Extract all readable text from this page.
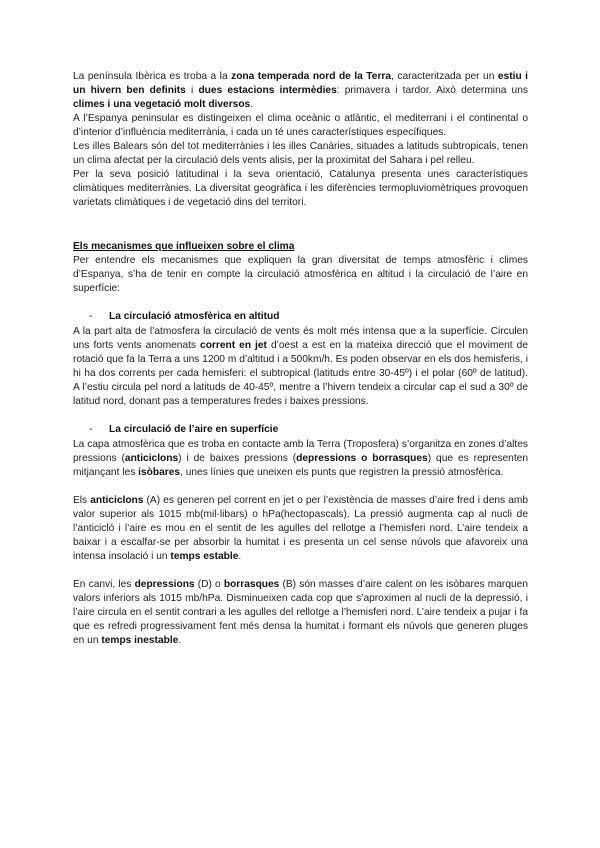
La península Ibèrica es troba a la zona temperada nord de la Terra, caracteritzada per un estiu i un hivern ben definits i dues estacions intermèdies: primavera i tardor. Això determina uns climes i una vegetació molt diversos.

A l’Espanya peninsular es distingeixen el clima oceànic o atlàntic, el mediterrani i el continental o d’interior d’influència mediterrània, i cada un té unes característiques específiques.

Les illes Balears són del tot mediterrànies i les illes Canàries, situades a latituds subtropicals, tenen un clima afectat per la circulació dels vents alisis, per la proximitat del Sahara i pel relleu.

Per la seva posició latitudinal i la seva orientació, Catalunya presenta unes característiques climàtiques mediterrànies. La diversitat geogràfica i les diferències termopluviomètriques provoquen varietats climàtiques i de vegetació dins del territori.

Els mecanismes que influeixen sobre el clima

Per entendre els mecanismes que expliquen la gran diversitat de temps atmosfèric i climes d’Espanya, s’ha de tenir en compte la circulació atmosfèrica en altitud i la circulació de l’aire en superfície:

-	La circulació atmosfèrica en altitud

A la part alta de l’atmosfera la circulació de vents és molt més intensa que a la superfície. Circulen uns forts vents anomenats corrent en jet d’oest a est en la mateixa direcció que el moviment de rotació que fa la Terra a uns 1200 m d’altitud i a 500km/h. Es poden observar en els dos hemisferis, i hi ha dos corrents per cada hemisferi: el subtropical (latituds entre 30-45º) i el polar (60º de latitud). A l’estiu circula pel nord a latituds de 40-45º, mentre a l’hivern tendeix a circular cap el sud a 30º de latitud nord, donant pas a temperatures fredes i baixes pressions.

-	La circulació de l’aire en superfície

La capa atmosfèrica que es troba en contacte amb la Terra (Troposfera) s’organitza en zones d’altes pressions (anticiclons) i de baixes pressions (depressions o borrasques) que es representen mitjançant les isòbares, unes línies que uneixen els punts que registren la pressió atmosfèrica.

Els anticiclons (A) es generen pel corrent en jet o per l’existència de masses d’aire fred i dens amb valor superior als 1015 mb(mil·libars) o hPa(hectopascals). La pressió augmenta cap al nucli de l’anticicló i l’aire es mou en el sentit de les agulles del rellotge a l’hemisferi nord. L’aire tendeix a baixar i a escalfar-se per absorbir la humitat i es presenta un cel sense núvols que afavoreix una intensa insolació i un temps estable.

En canvi, les depressions (D) o borrasques (B) són masses d’aire calent on les isòbares marquen valors inferiors als 1015 mb/hPa. Disminueixen cada cop que s’aproximen al nucli de la depressió, i l’aire circula en el sentit contrari a les agulles del rellotge a l’hemisferi nord. L’aire tendeix a pujar i fa que es refredi progressivament fent més densa la humitat i formant els núvols que generen pluges en un temps inestable.
